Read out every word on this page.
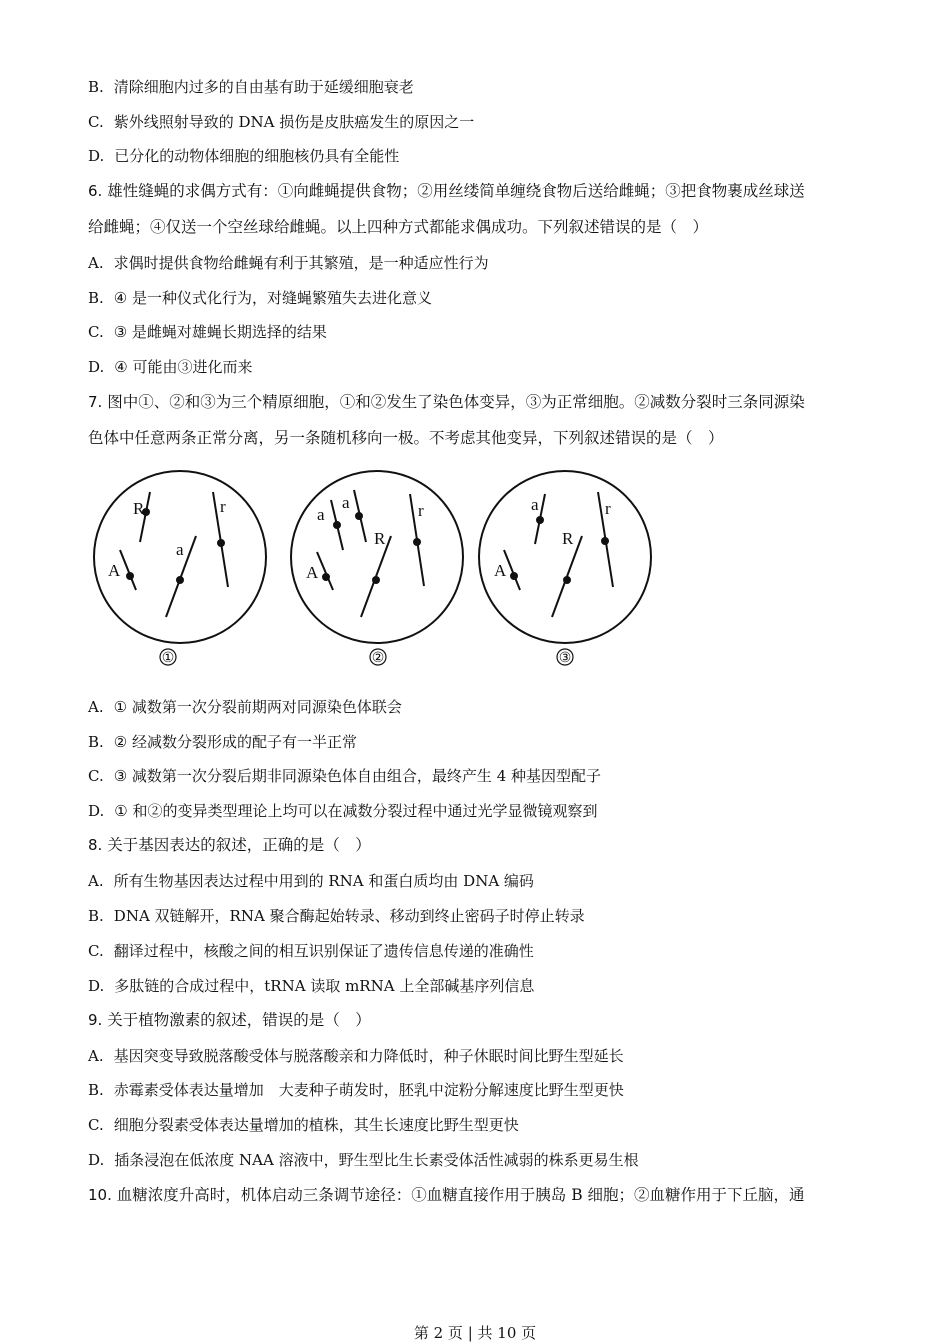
B. 清除细胞内过多的自由基有助于延缓细胞衰老
C. 紫外线照射导致的 DNA 损伤是皮肤癌发生的原因之一
D. 已分化的动物体细胞的细胞核仍具有全能性
6. 雄性缝蝇的求偶方式有：①向雌蝇提供食物；②用丝缕简单缠绕食物后送给雌蝇；③把食物裹成丝球送
给雌蝇；④仅送一个空丝球给雌蝇。以上四种方式都能求偶成功。下列叙述错误的是（　）
A. 求偶时提供食物给雌蝇有利于其繁殖，是一种适应性行为
B. ④ 是一种仪式化行为，对缝蝇繁殖失去进化意义
C. ③ 是雌蝇对雄蝇长期选择的结果
D. ④ 可能由③进化而来
7. 图中①、②和③为三个精原细胞，①和②发生了染色体变异，③为正常细胞。②减数分裂时三条同源染
色体中任意两条正常分离，另一条随机移向一极。不考虑其他变异，下列叙述错误的是（　）
R	r
A
a
①
a
a	r
R
A
②
a	r
R
A
③
A. ① 减数第一次分裂前期两对同源染色体联会
B. ② 经减数分裂形成的配子有一半正常
C. ③ 减数第一次分裂后期非同源染色体自由组合，最终产生 4 种基因型配子
D. ① 和②的变异类型理论上均可以在减数分裂过程中通过光学显微镜观察到
8. 关于基因表达的叙述，正确的是（　）
A. 所有生物基因表达过程中用到的 RNA 和蛋白质均由 DNA 编码
B. DNA 双链解开，RNA 聚合酶起始转录、移动到终止密码子时停止转录
C. 翻译过程中，核酸之间的相互识别保证了遗传信息传递的准确性
D. 多肽链的合成过程中，tRNA 读取 mRNA 上全部碱基序列信息
9. 关于植物激素的叙述，错误的是（　）
A. 基因突变导致脱落酸受体与脱落酸亲和力降低时，种子休眠时间比野生型延长
B. 赤霉素受体表达量增加　大麦种子萌发时，胚乳中淀粉分解速度比野生型更快
C. 细胞分裂素受体表达量增加的植株，其生长速度比野生型更快
D. 插条浸泡在低浓度 NAA 溶液中，野生型比生长素受体活性减弱的株系更易生根
10. 血糖浓度升高时，机体启动三条调节途径：①血糖直接作用于胰岛 B 细胞；②血糖作用于下丘脑，通
第 2 页 | 共 10 页
